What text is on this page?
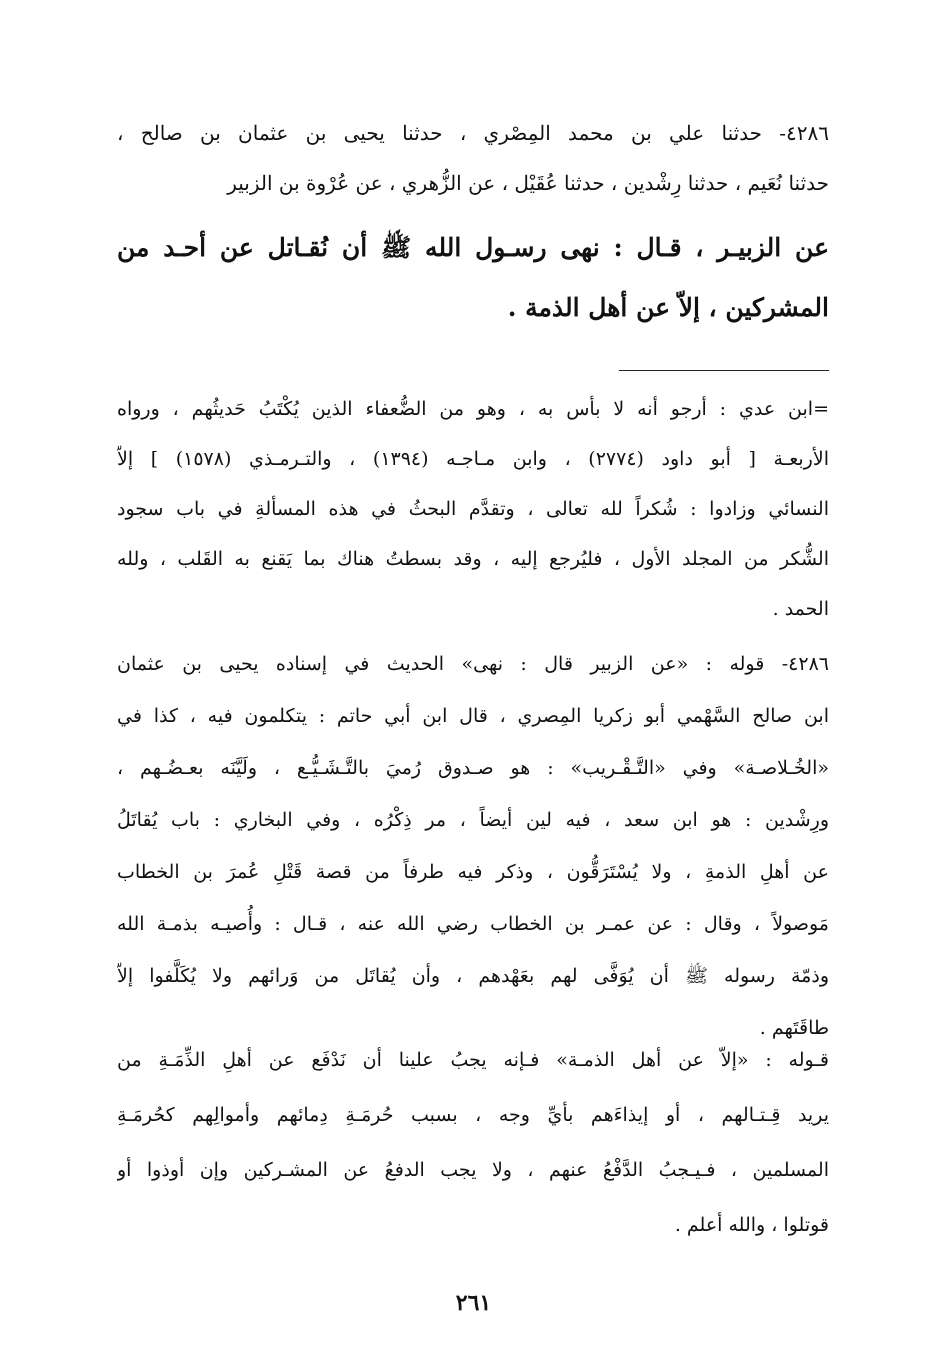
٤٢٨٦- حدثنا علي بن محمد المِصْري ، حدثنا يحيى بن عثمان بن صالح ،
حدثنا نُعَيم ، حدثنا رِشْدين ، حدثنا عُقَيْل ، عن الزُّهري ، عن عُرْوة بن الزبير
عن الزبيـر ، قـال : نهى رسـول الله ﷺ أن نُقـاتل عن أحـد من
المشركين ، إلاّ عن أهل الذمة .
=ابن عدي : أرجو أنه لا بأس به ، وهو من الضُّعفاء الذين يُكْتَبُ حَديثُهم ، ورواه
الأربعـة [ أبو داود (٢٧٧٤) ، وابن مـاجـه (١٣٩٤) ، والتـرمـذي (١٥٧٨) ] إلاّ
النسائي وزادوا : شُكراً لله تعالى ، وتقدَّم البحثُ في هذه المسألةِ في باب سجود
الشُّكر من المجلد الأول ، فليُرجع إليه ، وقد بسطتُ هناك بما يَقنع به القَلب ، ولله
الحمد .
٤٢٨٦- قوله : «عن الزبير قال : نهى» الحديث في إسناده يحيى بن عثمان
ابن صالح السَّهْمي أبو زكريا المِصري ، قال ابن أبي حاتم : يتكلمون فيه ، كذا في
«الخُـلاصـة» وفي «التَّـقْـريب» : هو صـدوق رُميَ بالتَّـشَـيُّـع ، ولَيَّنَه بعـضُـهم ،
ورِشْدين : هو ابن سعد ، فيه لين أيضاً ، مر ذِكْرُه ، وفي البخاري : باب يُقاتَلُ
عن أهلِ الذمةِ ، ولا يُسْتَرَقُّون ، وذكر فيه طرفاً من قصة قَتْلِ عُمرَ بن الخطاب
مَوصولاً ، وقال : عن عمـر بن الخطاب رضي الله عنه ، قـال : وأُصيـه بذمـة الله
وذمّة رسوله ﷺ أن يُوَفَّى لهم بعَهْدهم ، وأن يُقاتَل من وَرائهم ولا يُكَلَّفوا إلاّ
طاقَتَهم .
قـوله : «إلاّ عن أهل الذمـة» فـإنه يجبُ علينا أن نَدْفَع عن أهلِ الذِّمَـةِ من
يريد قِـتـالهم ، أو إيذاءَهم بأيِّ وجه ، بسبب حُرمَـةِ دِمائهم وأموالِهم كحُرمَـةِ
المسلمين ، فـيـجبُ الدَّفْعُ عنهم ، ولا يجب الدفعُ عن المشـركين وإن أوذوا أو
قوتلوا ، والله أعلم .
٢٦١
